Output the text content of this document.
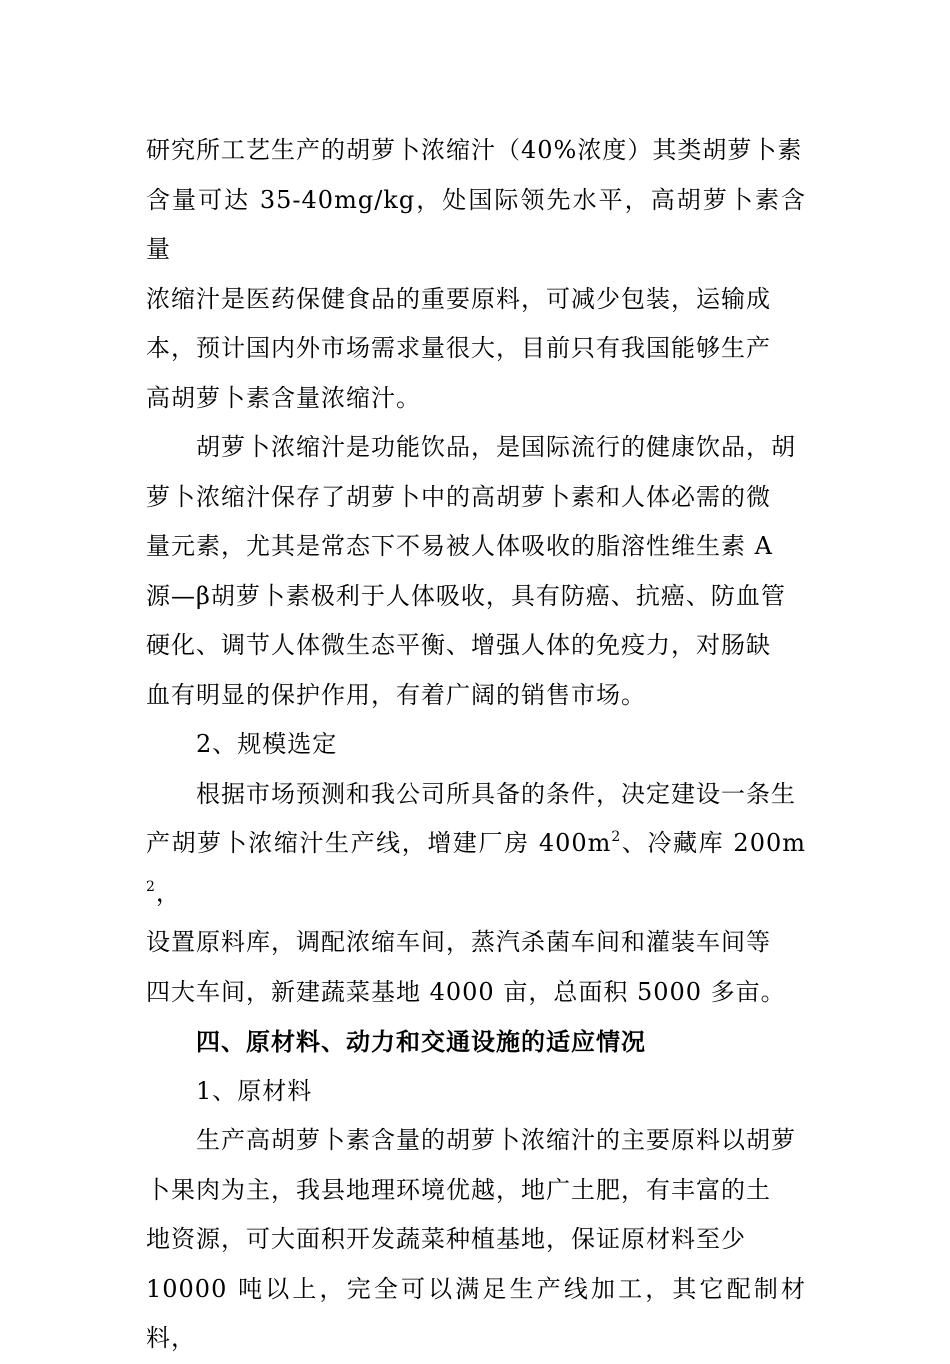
研究所工艺生产的胡萝卜浓缩汁（40%浓度）其类胡萝卜素
含量可达 35-40mg/kg，处国际领先水平，高胡萝卜素含量
浓缩汁是医药保健食品的重要原料，可减少包装，运输成
本，预计国内外市场需求量很大，目前只有我国能够生产
高胡萝卜素含量浓缩汁。
胡萝卜浓缩汁是功能饮品，是国际流行的健康饮品，胡
萝卜浓缩汁保存了胡萝卜中的高胡萝卜素和人体必需的微
量元素，尤其是常态下不易被人体吸收的脂溶性维生素 A
源—β胡萝卜素极利于人体吸收，具有防癌、抗癌、防血管
硬化、调节人体微生态平衡、增强人体的免疫力，对肠缺
血有明显的保护作用，有着广阔的销售市场。
2、规模选定
根据市场预测和我公司所具备的条件，决定建设一条生
产胡萝卜浓缩汁生产线，增建厂房 $400m^2$、冷藏库 $200m^2$，
设置原料库，调配浓缩车间，蒸汽杀菌车间和灌装车间等
四大车间，新建蔬菜基地 4000 亩，总面积 5000 多亩。
四、原材料、动力和交通设施的适应情况
1、原材料
生产高胡萝卜素含量的胡萝卜浓缩汁的主要原料以胡萝
卜果肉为主，我县地理环境优越，地广土肥，有丰富的土
地资源，可大面积开发蔬菜种植基地，保证原材料至少
10000 吨以上，完全可以满足生产线加工，其它配制材料，
